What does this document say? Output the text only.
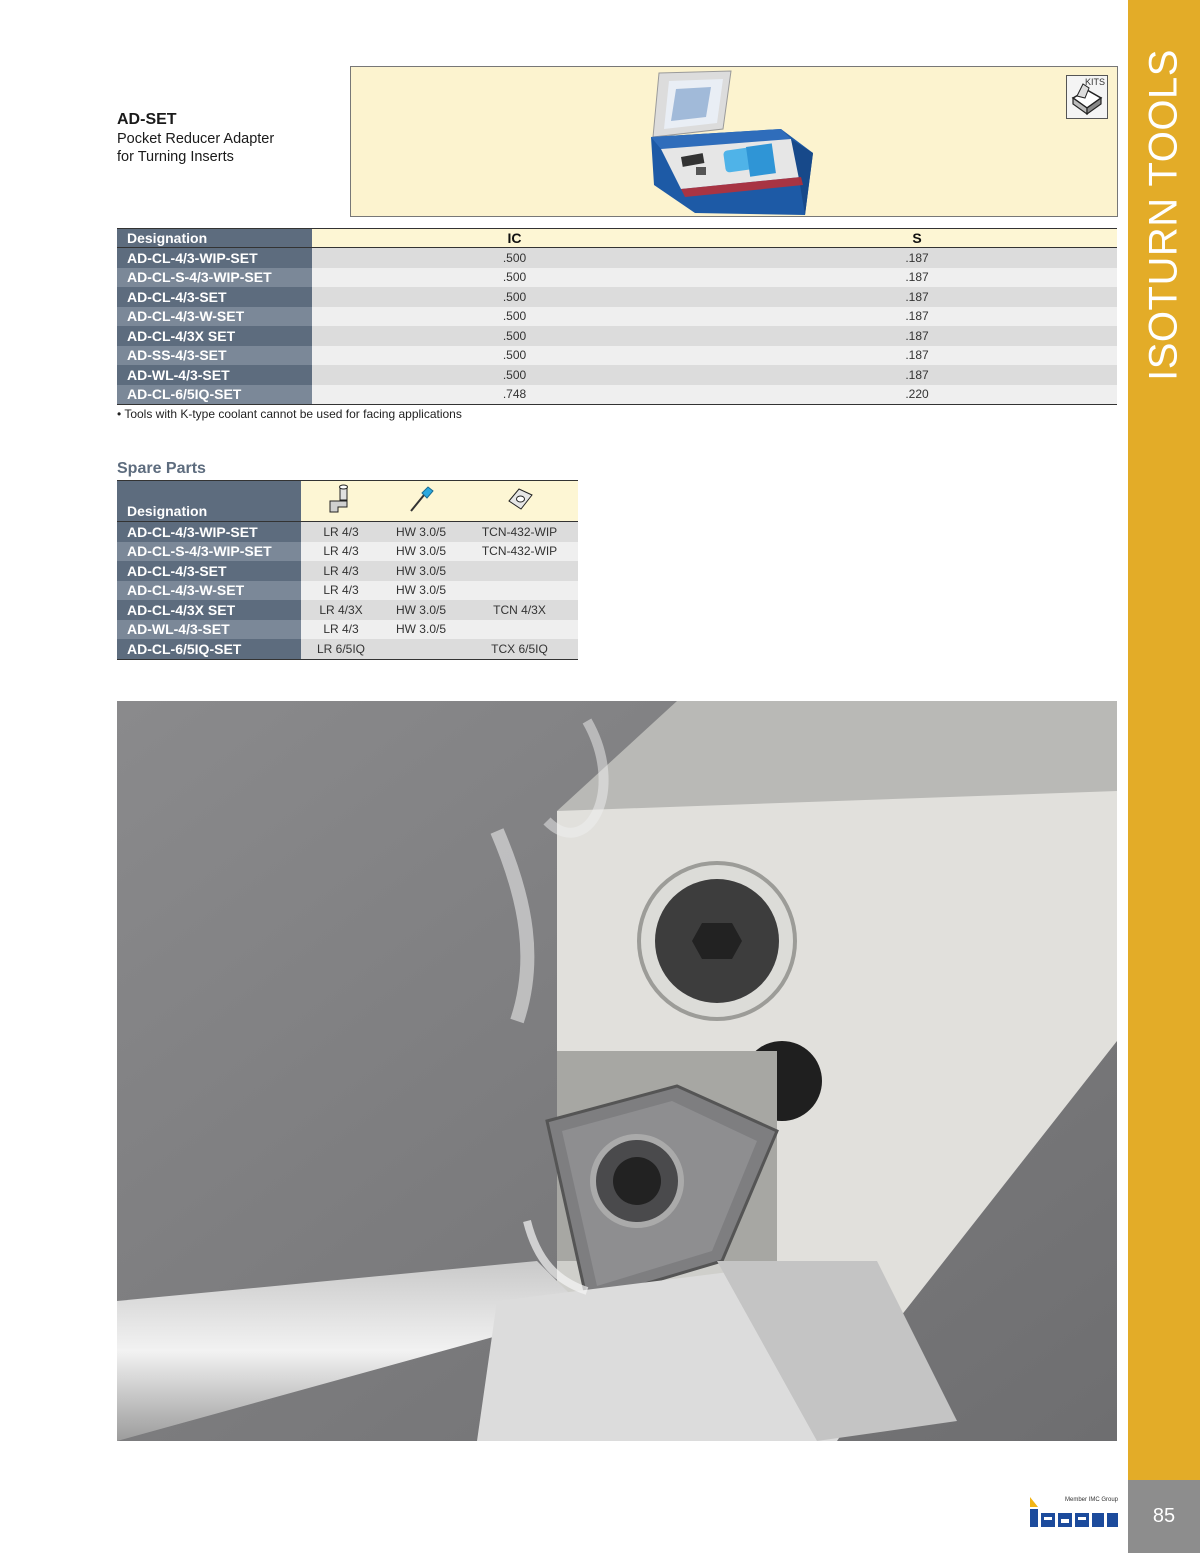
ISOTURN TOOLS
85
AD-SET
Pocket Reducer Adapter
for Turning Inserts
KITS
Designation	IC	S
AD-CL-4/3-WIP-SET	.500	.187
AD-CL-S-4/3-WIP-SET	.500	.187
AD-CL-4/3-SET	.500	.187
AD-CL-4/3-W-SET	.500	.187
AD-CL-4/3X SET	.500	.187
AD-SS-4/3-SET	.500	.187
AD-WL-4/3-SET	.500	.187
AD-CL-6/5IQ-SET	.748	.220
• Tools with K-type coolant cannot be used for facing applications
Spare Parts
Designation			
AD-CL-4/3-WIP-SET	LR 4/3	HW 3.0/5	TCN-432-WIP
AD-CL-S-4/3-WIP-SET	LR 4/3	HW 3.0/5	TCN-432-WIP
AD-CL-4/3-SET	LR 4/3	HW 3.0/5	
AD-CL-4/3-W-SET	LR 4/3	HW 3.0/5	
AD-CL-4/3X SET	LR 4/3X	HW 3.0/5	TCN 4/3X
AD-WL-4/3-SET	LR 4/3	HW 3.0/5	
AD-CL-6/5IQ-SET	LR 6/5IQ		TCX 6/5IQ
Member IMC Group
